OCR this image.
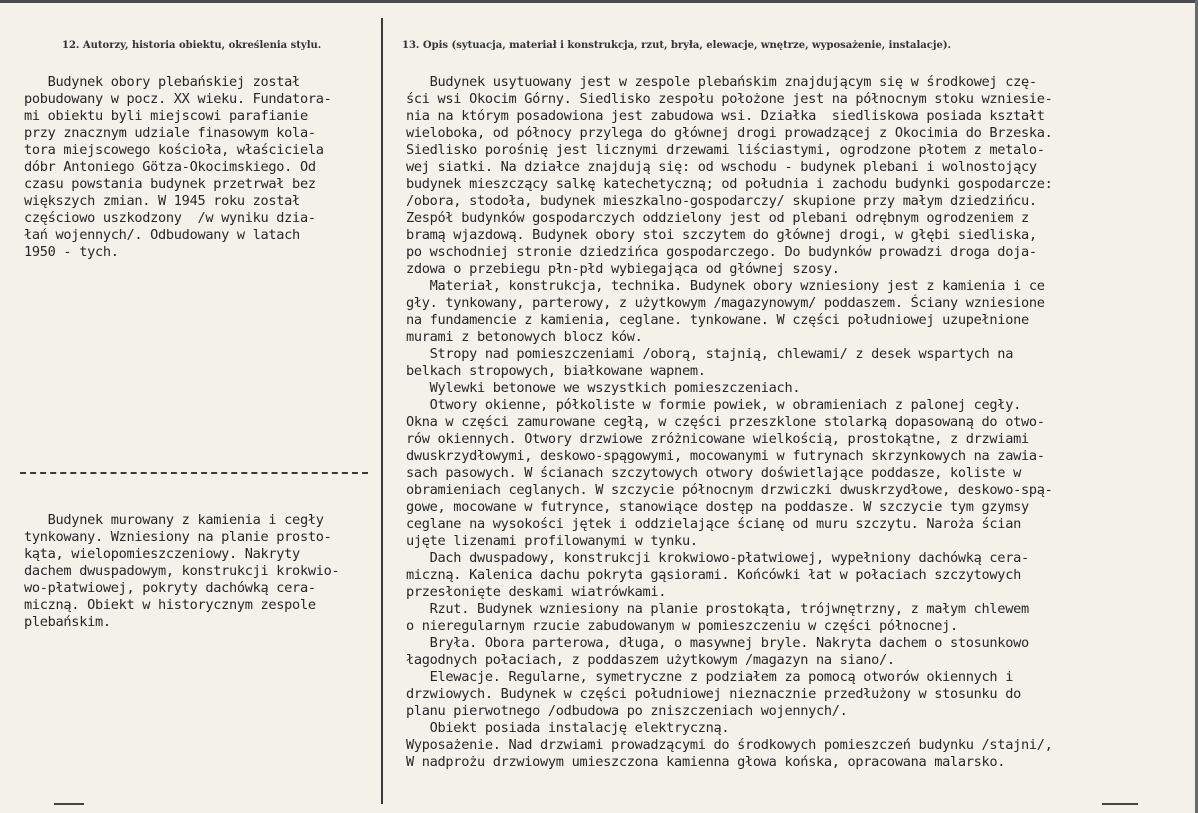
12. Autorzy, historia obiektu, określenia stylu.	13. Opis (sytuacja, materiał i konstrukcja, rzut, bryła, elewacje, wnętrze, wyposażenie, instalacje).
Budynek obory plebańskiej został
pobudowany w pocz. XX wieku. Fundatora-
mi obiektu byli miejscowi parafianie
przy znacznym udziale finasowym kola-
tora miejscowego kościoła, właściciela
dóbr Antoniego Götza-Okocimskiego. Od
czasu powstania budynek przetrwał bez
większych zmian. W 1945 roku został
częściowo uszkodzony  /w wyniku dzia-
łań wojennych/. Odbudowany w latach
1950 - tych.
Budynek murowany z kamienia i cegły
tynkowany. Wzniesiony na planie prosto-
kąta, wielopomieszczeniowy. Nakryty
dachem dwuspadowym, konstrukcji krokwio-
wo-płatwiowej, pokryty dachówką cera-
miczną. Obiekt w historycznym zespole
plebańskim.
Budynek usytuowany jest w zespole plebańskim znajdującym się w środkowej czę-
ści wsi Okocim Górny. Siedlisko zespołu położone jest na północnym stoku wzniesie-
nia na którym posadowiona jest zabudowa wsi. Działka  siedliskowa posiada kształt
wieloboka, od północy przylega do głównej drogi prowadzącej z Okocimia do Brzeska.
Siedlisko porośnię jest licznymi drzewami liściastymi, ogrodzone płotem z metalo-
wej siatki. Na działce znajdują się: od wschodu - budynek plebani i wolnostojący
budynek mieszczący salkę katechetyczną; od południa i zachodu budynki gospodarcze:
/obora, stodoła, budynek mieszkalno-gospodarczy/ skupione przy małym dziedzińcu.
Zespół budynków gospodarczych oddzielony jest od plebani odrębnym ogrodzeniem z
bramą wjazdową. Budynek obory stoi szczytem do głównej drogi, w głębi siedliska,
po wschodniej stronie dziedzińca gospodarczego. Do budynków prowadzi droga doja-
zdowa o przebiegu płn-płd wybiegająca od głównej szosy.
Materiał, konstrukcja, technika. Budynek obory wzniesiony jest z kamienia i ce
gły. tynkowany, parterowy, z użytkowym /magazynowym/ poddaszem. Ściany wzniesione
na fundamencie z kamienia, ceglane. tynkowane. W części południowej uzupełnione
murami z betonowych blocz ków.
Stropy nad pomieszczeniami /oborą, stajnią, chlewami/ z desek wspartych na
belkach stropowych, białkowane wapnem.
Wylewki betonowe we wszystkich pomieszczeniach.
Otwory okienne, półkoliste w formie powiek, w obramieniach z palonej cegły.
Okna w części zamurowane cegłą, w części przeszklone stolarką dopasowaną do otwo-
rów okiennych. Otwory drzwiowe zróżnicowane wielkością, prostokątne, z drzwiami
dwuskrzydłowymi, deskowo-spągowymi, mocowanymi w futrynach skrzynkowych na zawia-
sach pasowych. W ścianach szczytowych otwory doświetlające poddasze, koliste w
obramieniach ceglanych. W szczycie północnym drzwiczki dwuskrzydłowe, deskowo-spą-
gowe, mocowane w futrynce, stanowiące dostęp na poddasze. W szczycie tym gzymsy
ceglane na wysokości jętek i oddzielające ścianę od muru szczytu. Naroża ścian
ujęte lizenami profilowanymi w tynku.
Dach dwuspadowy, konstrukcji krokwiowo-płatwiowej, wypełniony dachówką cera-
miczną. Kalenica dachu pokryta gąsiorami. Końcówki łat w połaciach szczytowych
przesłonięte deskami wiatrówkami.
Rzut. Budynek wzniesiony na planie prostokąta, trójwnętrzny, z małym chlewem
o nieregularnym rzucie zabudowanym w pomieszczeniu w części północnej.
Bryła. Obora parterowa, długa, o masywnej bryle. Nakryta dachem o stosunkowo
łagodnych połaciach, z poddaszem użytkowym /magazyn na siano/.
Elewacje. Regularne, symetryczne z podziałem za pomocą otworów okiennych i
drzwiowych. Budynek w części południowej nieznacznie przedłużony w stosunku do
planu pierwotnego /odbudowa po zniszczeniach wojennych/.
Obiekt posiada instalację elektryczną.
Wyposażenie. Nad drzwiami prowadzącymi do środkowych pomieszczeń budynku /stajni/,
W nadprożu drzwiowym umieszczona kamienna głowa końska, opracowana malarsko.
